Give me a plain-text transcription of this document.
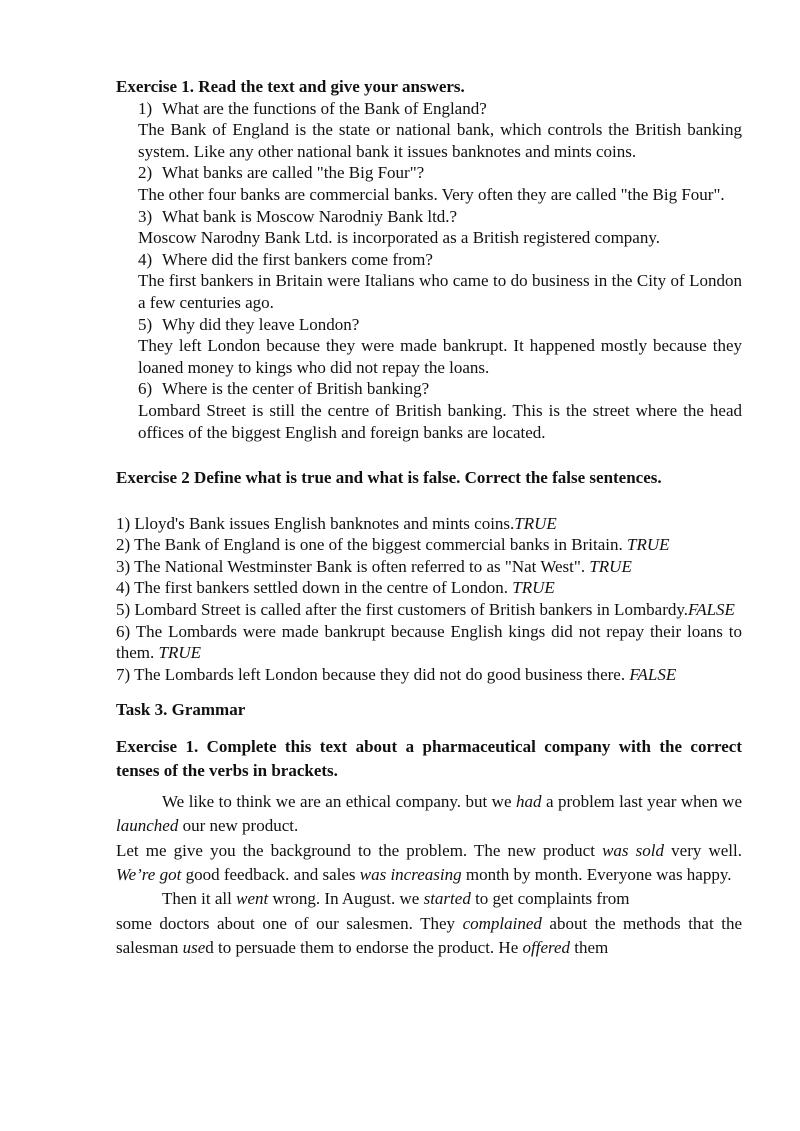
Exercise 1. Read the text and give your answers.

1) What are the functions of the Bank of England?
The Bank of England is the state or national bank, which controls the British banking system. Like any other national bank it issues banknotes and mints coins.
2) What banks are called "the Big Four"?
The other four banks are commercial banks. Very often they are called "the Big Four".
3) What bank is Moscow Narodniy Bank ltd.?
Moscow Narodny Bank Ltd. is incorporated as a British registered company.
4) Where did the first bankers come from?
The first bankers in Britain were Italians who came to do business in the City of London a few centuries ago.
5) Why did they leave London?
They left London because they were made bankrupt. It happened mostly because they loaned money to kings who did not repay the loans.
6) Where is the center of British banking?
Lombard Street is still the centre of British banking. This is the street where the head offices of the biggest English and foreign banks are located.

Exercise 2 Define what is true and what is false. Correct the false sentences.

1) Lloyd's Bank issues English banknotes and mints coins.TRUE

2) The Bank of England is one of the biggest commercial banks in Britain. TRUE

3) The National Westminster Bank is often referred to as "Nat West". TRUE

4) The first bankers settled down in the centre of London. TRUE

5) Lombard Street is called after the first customers of British bankers in Lombardy.FALSE

6) The Lombards were made bankrupt because English kings did not repay their loans to them. TRUE

7) The Lombards left London because they did not do good business there. FALSE

Task 3. Grammar

Exercise 1. Complete this text about a pharmaceutical company with the correct tenses of the verbs in brackets.

We like to think we are an ethical company. but we had a problem last year when we launched our new product.
Let me give you the background to the problem. The new product was sold very well. We’re got good feedback. and sales was increasing month by month. Everyone was happy.
Then it all went wrong. In August. we started to get complaints from
some doctors about one of our salesmen. They complained about the methods that the salesman used to persuade them to endorse the product. He offered them
